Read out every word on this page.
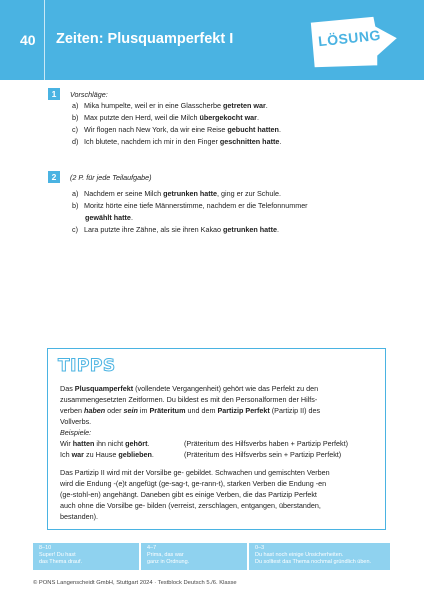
40 Zeiten: Plusquamperfekt I	LÖSUNG
1	Vorschläge:
a) Mika humpelte, weil er in eine Glasscherbe getreten war.
b) Max putzte den Herd, weil die Milch übergekocht war.
c) Wir flogen nach New York, da wir eine Reise gebucht hatten.
d) Ich blutete, nachdem ich mir in den Finger geschnitten hatte.
2	(2 P. für jede Teilaufgabe)
a) Nachdem er seine Milch getrunken hatte, ging er zur Schule.
b) Moritz hörte eine tiefe Männerstimme, nachdem er die Telefonnummer
gewählt hatte.
c) Lara putzte ihre Zähne, als sie ihren Kakao getrunken hatte.
TIPPS
Das Plusquamperfekt (vollendete Vergangenheit) gehört wie das Perfekt zu den
zusammengesetzten Zeitformen. Du bildest es mit den Personalformen der Hilfs-
verben haben oder sein im Präteritum und dem Partizip Perfekt (Partizip II) des
Vollverbs.
Beispiele:
Wir hatten ihn nicht gehört.	(Präteritum des Hilfsverbs haben + Partizip Perfekt)
Ich war zu Hause geblieben.	(Präteritum des Hilfsverbs sein + Partizip Perfekt)
Das Partizip II wird mit der Vorsilbe ge- gebildet. Schwachen und gemischten Verben
wird die Endung -(e)t angefügt (ge-sag-t, ge-rann-t), starken Verben die Endung -en
(ge-stohl-en) angehängt. Daneben gibt es einige Verben, die das Partizip Perfekt
auch ohne die Vorsilbe ge- bilden (verreist, zerschlagen, entgangen, überstanden,
bestanden).
8–10
Super! Du hast
das Thema drauf.
4–7
Prima, das war
ganz in Ordnung.
0–3
Du hast noch einige Unsicherheiten.
Du solltest das Thema nochmal gründlich üben.
© PONS Langenscheidt GmbH, Stuttgart 2024 · Testblock Deutsch 5./6. Klasse
